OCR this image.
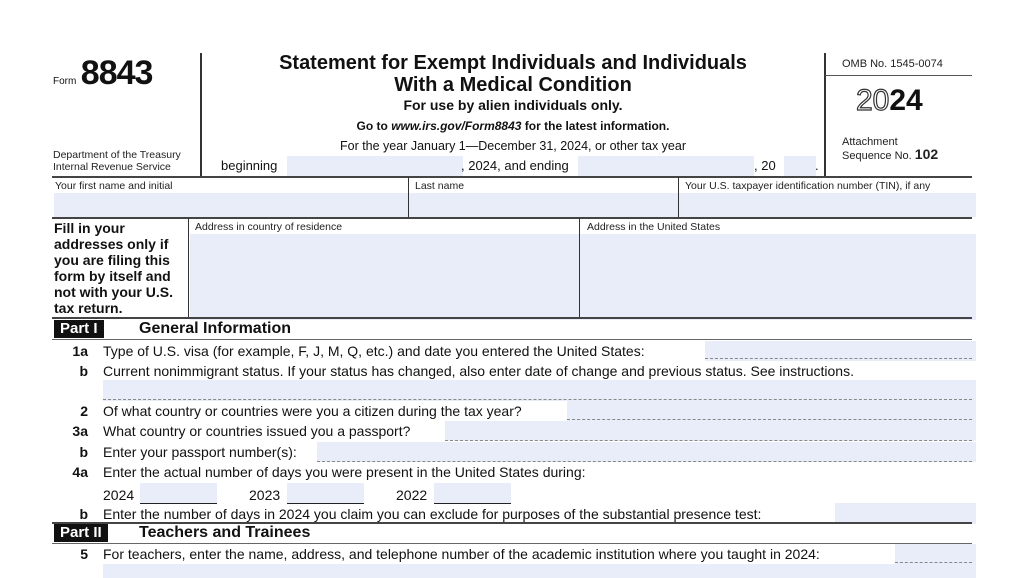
Form 8843
Department of the Treasury
Internal Revenue Service
Statement for Exempt Individuals and Individuals
With a Medical Condition
For use by alien individuals only.
Go to www.irs.gov/Form8843 for the latest information.
For the year January 1—December 31, 2024, or other tax year
beginning	, 2024, and ending	, 20	.
OMB No. 1545-0074
2024
Attachment
Sequence No. 102
Your first name and initial	Last name	Your U.S. taxpayer identification number (TIN), if any
Fill in your addresses only if you are filing this form by itself and not with your U.S. tax return.
Address in country of residence	Address in the United States
Part I	General Information
1a Type of U.S. visa (for example, F, J, M, Q, etc.) and date you entered the United States:
b Current nonimmigrant status. If your status has changed, also enter date of change and previous status. See instructions.
2 Of what country or countries were you a citizen during the tax year?
3a What country or countries issued you a passport?
b Enter your passport number(s):
4a Enter the actual number of days you were present in the United States during:
2024	2023	2022
b Enter the number of days in 2024 you claim you can exclude for purposes of the substantial presence test:
Part II	Teachers and Trainees
5 For teachers, enter the name, address, and telephone number of the academic institution where you taught in 2024:
